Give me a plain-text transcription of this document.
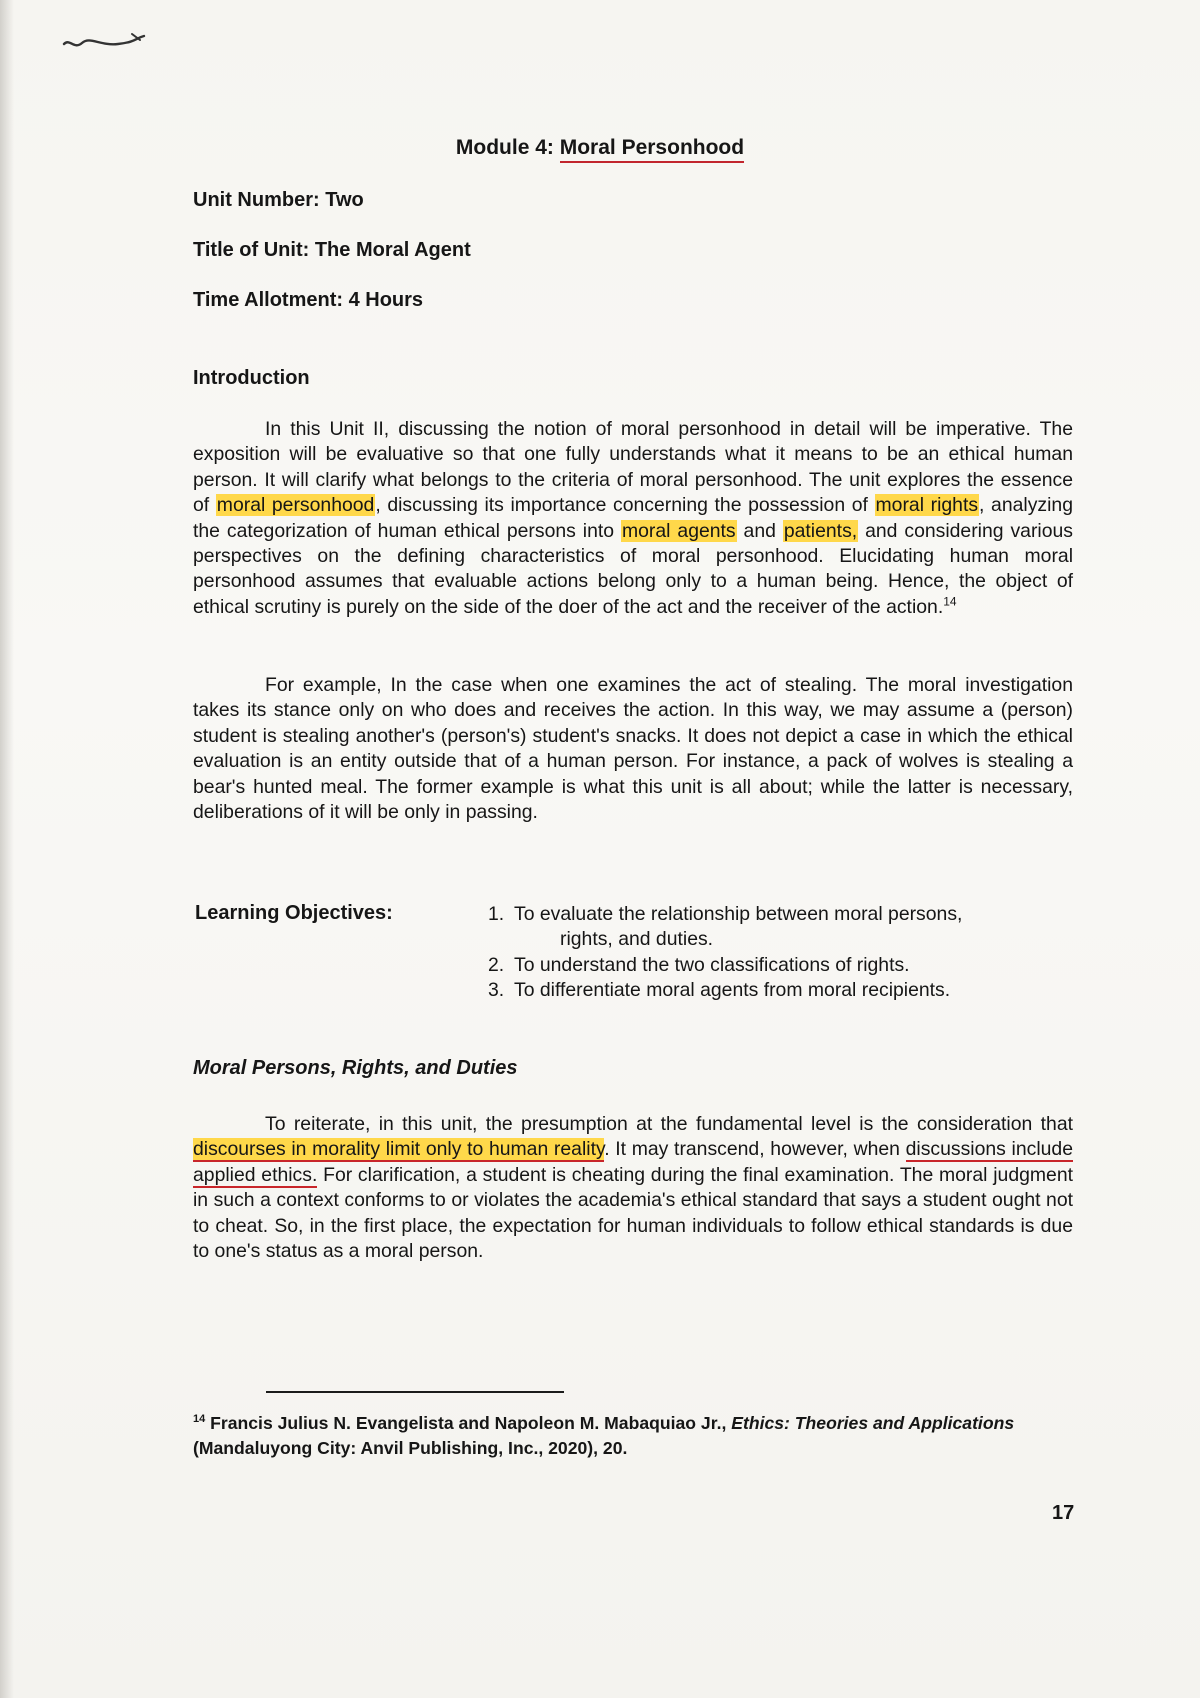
Module 4: Moral Personhood

Unit Number: Two

Title of Unit: The Moral Agent

Time Allotment: 4 Hours

Introduction

In this Unit II, discussing the notion of moral personhood in detail will be imperative. The exposition will be evaluative so that one fully understands what it means to be an ethical human person. It will clarify what belongs to the criteria of moral personhood. The unit explores the essence of moral personhood, discussing its importance concerning the possession of moral rights, analyzing the categorization of human ethical persons into moral agents and patients, and considering various perspectives on the defining characteristics of moral personhood. Elucidating human moral personhood assumes that evaluable actions belong only to a human being. Hence, the object of ethical scrutiny is purely on the side of the doer of the act and the receiver of the action.$^{14}$

For example, In the case when one examines the act of stealing. The moral investigation takes its stance only on who does and receives the action. In this way, we may assume a (person) student is stealing another's (person's) student's snacks. It does not depict a case in which the ethical evaluation is an entity outside that of a human person. For instance, a pack of wolves is stealing a bear's hunted meal. The former example is what this unit is all about; while the latter is necessary, deliberations of it will be only in passing.

Learning Objectives:	1. To evaluate the relationship between moral persons,
rights, and duties.
2. To understand the two classifications of rights.
3. To differentiate moral agents from moral recipients.
Moral Persons, Rights, and Duties

To reiterate, in this unit, the presumption at the fundamental level is the consideration that discourses in morality limit only to human reality. It may transcend, however, when discussions include applied ethics. For clarification, a student is cheating during the final examination. The moral judgment in such a context conforms to or violates the academia's ethical standard that says a student ought not to cheat. So, in the first place, the expectation for human individuals to follow ethical standards is due to one's status as a moral person.

$^{14}$ Francis Julius N. Evangelista and Napoleon M. Mabaquiao Jr., Ethics: Theories and Applications
(Mandaluyong City: Anvil Publishing, Inc., 2020), 20.

17
